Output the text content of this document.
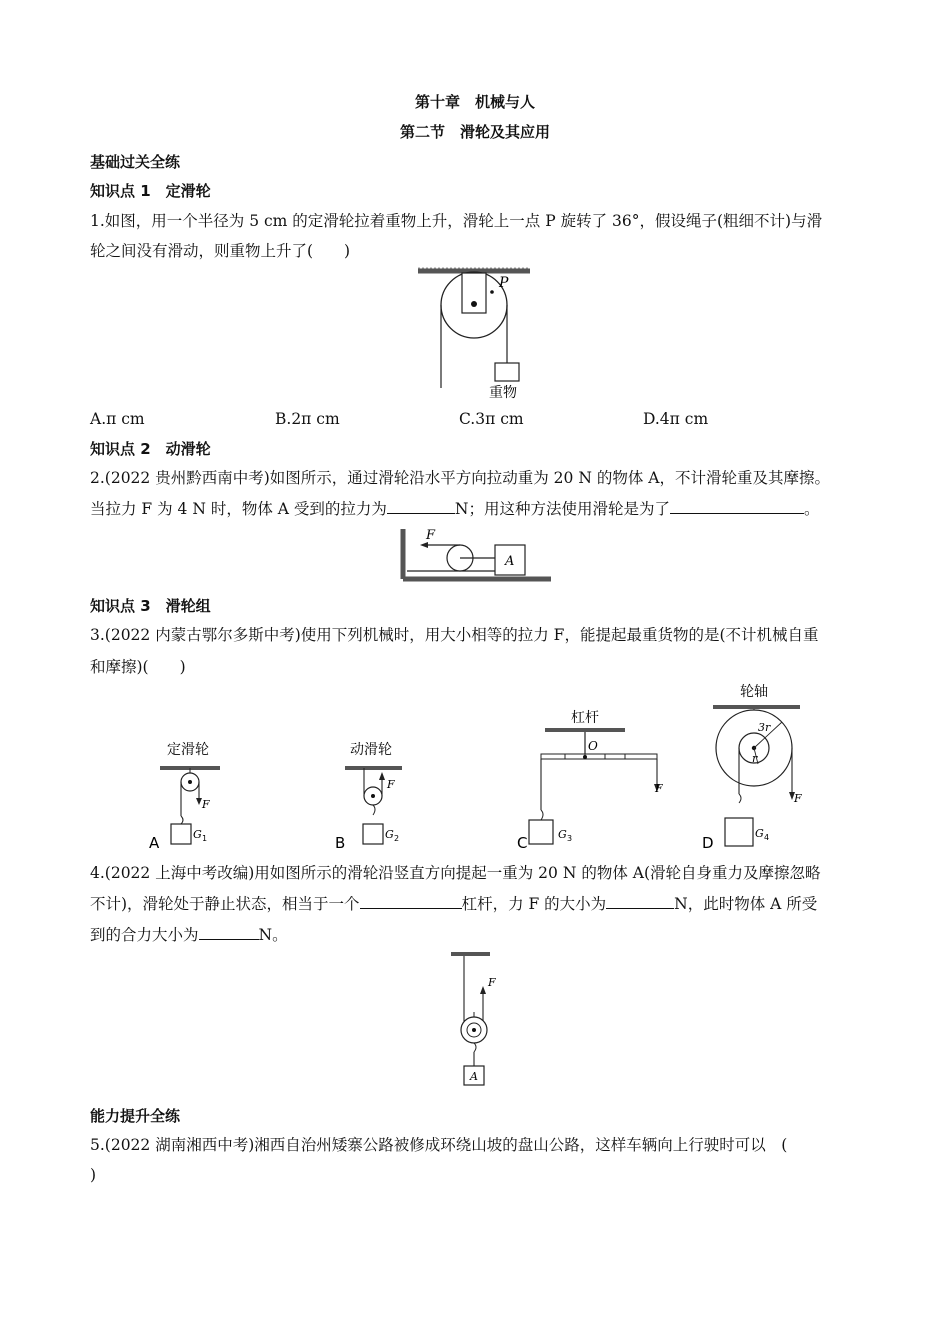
第十章　机械与人
第二节　滑轮及其应用
基础过关全练
知识点 1　定滑轮
1.如图，用一个半径为 5 cm 的定滑轮拉着重物上升，滑轮上一点 P 旋转了 36°，假设绳子(粗细不计)与滑
轮之间没有滑动，则重物上升了(　　)
P
重物
A.π cm	B.2π cm	C.3π cm	D.4π cm
知识点 2　动滑轮
2.(2022 贵州黔西南中考)如图所示，通过滑轮沿水平方向拉动重为 20 N 的物体 A，不计滑轮重及其摩擦。
当拉力 F 为 4 N 时，物体 A 受到的拉力为	N；用这种方法使用滑轮是为了	。
F
A
知识点 3　滑轮组
3.(2022 内蒙古鄂尔多斯中考)使用下列机械时，用大小相等的拉力 F，能提起最重货物的是(不计机械自重
和摩擦)(　　)
定滑轮
F
G 1
A
动滑轮
F
G 2
B
杠杆
O
G 3
F
C
轮轴
3r
r
G 4
F
D
4.(2022 上海中考改编)用如图所示的滑轮沿竖直方向提起一重为 20 N 的物体 A(滑轮自身重力及摩擦忽略
不计)，滑轮处于静止状态，相当于一个	杠杆，力 F 的大小为	N，此时物体 A 所受
到的合力大小为	N。
F
A
能力提升全练
5.(2022 湖南湘西中考)湘西自治州矮寨公路被修成环绕山坡的盘山公路，这样车辆向上行驶时可以　(
)
